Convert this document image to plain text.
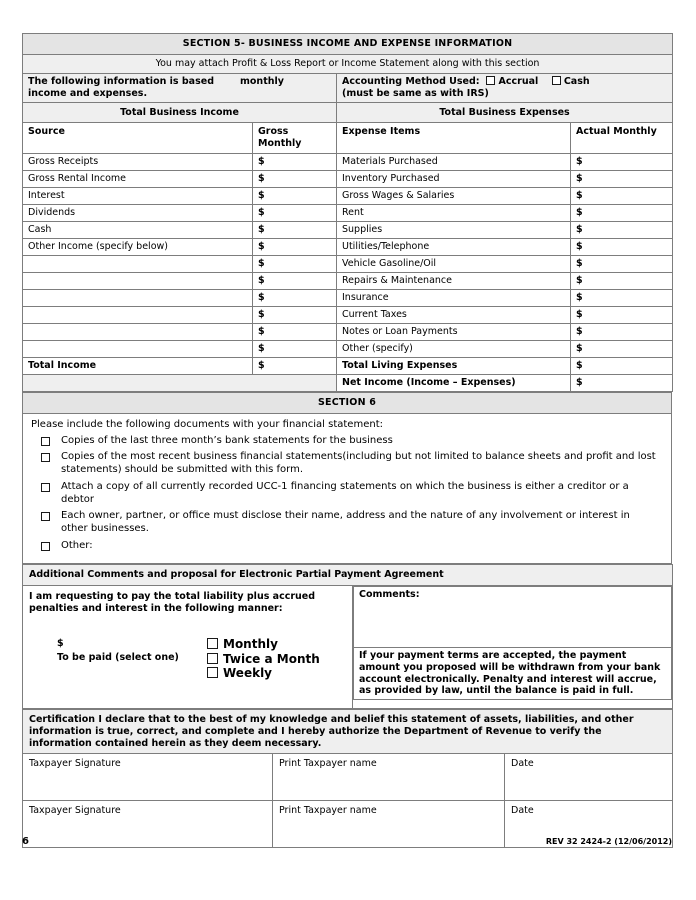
SECTION 5- BUSINESS INCOME AND EXPENSE INFORMATION			
You may attach Profit & Loss Report or Income Statement along with this section			
The following information is based monthly
income and expenses.		Accounting Method Used: Accrual Cash
(must be same as with IRS)	
Total Business Income		Total Business Expenses	
Source	Gross Monthly	Expense Items	Actual Monthly
Gross Receipts	$	Materials Purchased	$
Gross Rental Income	$	Inventory Purchased	$
Interest	$	Gross Wages & Salaries	$
Dividends	$	Rent	$
Cash	$	Supplies	$
Other Income (specify below)	$	Utilities/Telephone	$
	$	Vehicle Gasoline/Oil	$
	$	Repairs & Maintenance	$
	$	Insurance	$
	$	Current Taxes	$
	$	Notes or Loan Payments	$
	$	Other (specify)	$
Total Income	$	Total Living Expenses	$
		Net Income (Income – Expenses)	$
SECTION 6

Please include the following documents with your financial statement:
Copies of the last three month’s bank statements for the business
Copies of the most recent business financial statements(including but not limited to balance sheets and profit and lost statements) should be submitted with this form.
Attach a copy of all currently recorded UCC-1 financing statements on which the business is either a creditor or a debtor
Each owner, partner, or office must disclose their name, address and the nature of any involvement or interest in other businesses.
Other:
Additional Comments and proposal for Electronic Partial Payment Agreement

I am requesting to pay the total liability plus accrued
penalties and interest in the following manner:
$
To be paid (select one)
Monthly
Twice a Month
Weekly

Comments:
If your payment terms are accepted, the payment amount you proposed will be withdrawn from your bank account electronically. Penalty and interest will accrue, as provided by law, until the balance is paid in full.
Certification I declare that to the best of my knowledge and belief this statement of assets, liabilities, and other information is true, correct, and complete and I hereby authorize the Department of Revenue to verify the information contained herein as they deem necessary.		
Taxpayer Signature	Print Taxpayer name	Date
Taxpayer Signature	Print Taxpayer name	Date
6	REV 32 2424-2 (12/06/2012)
